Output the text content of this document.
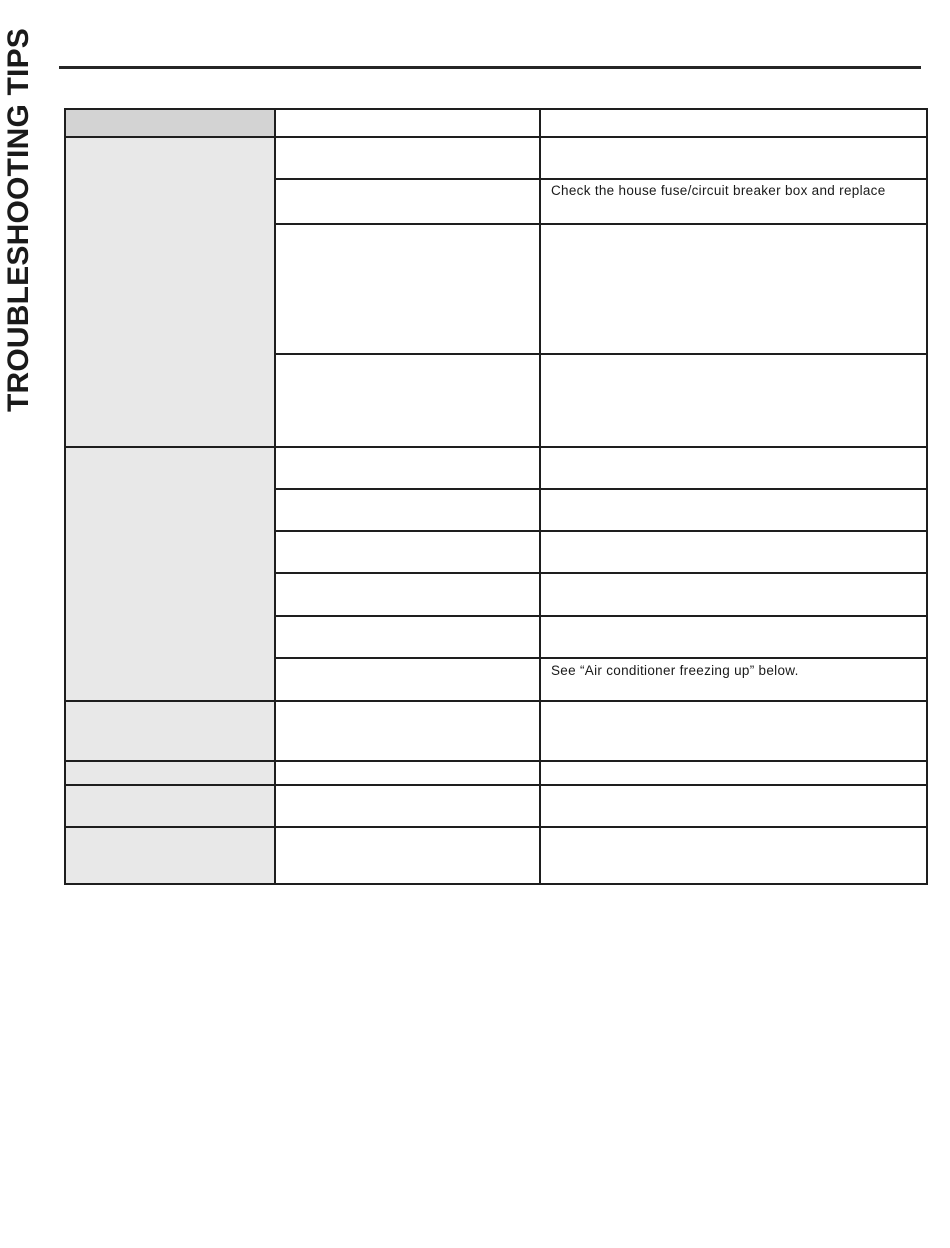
TROUBLESHOOTING TIPS	Check the house fuse/circuit breaker box and replace
See “Air conditioner freezing up” below.
